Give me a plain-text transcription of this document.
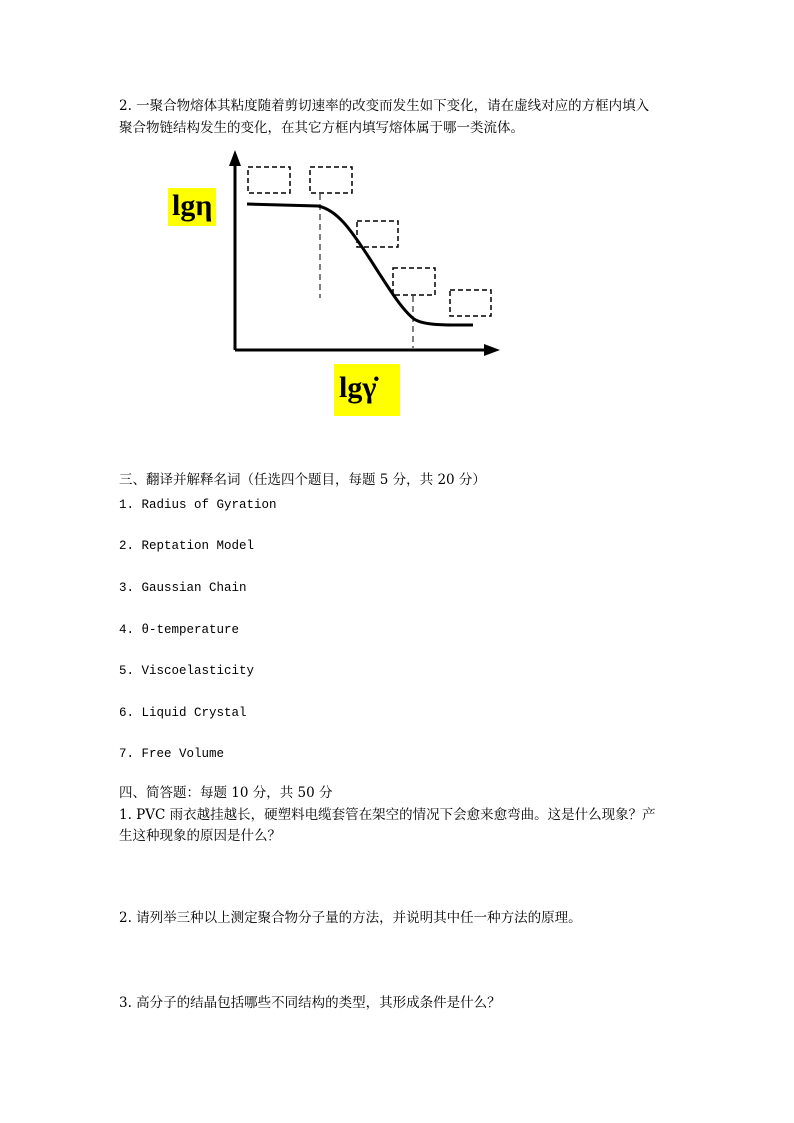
2. 一聚合物熔体其粘度随着剪切速率的改变而发生如下变化，请在虚线对应的方框内填入
聚合物链结构发生的变化，在其它方框内填写熔体属于哪一类流体。
lgη
lgγ̇
三、翻译并解释名词（任选四个题目，每题 5 分，共 20 分）
1. Radius of Gyration
2. Reptation Model
3. Gaussian Chain
4. θ-temperature
5. Viscoelasticity
6. Liquid Crystal
7. Free Volume
四、简答题：每题 10 分，共 50 分
1. PVC 雨衣越挂越长，硬塑料电缆套管在架空的情况下会愈来愈弯曲。这是什么现象？产
生这种现象的原因是什么？
2. 请列举三种以上测定聚合物分子量的方法，并说明其中任一种方法的原理。
3. 高分子的结晶包括哪些不同结构的类型，其形成条件是什么？
